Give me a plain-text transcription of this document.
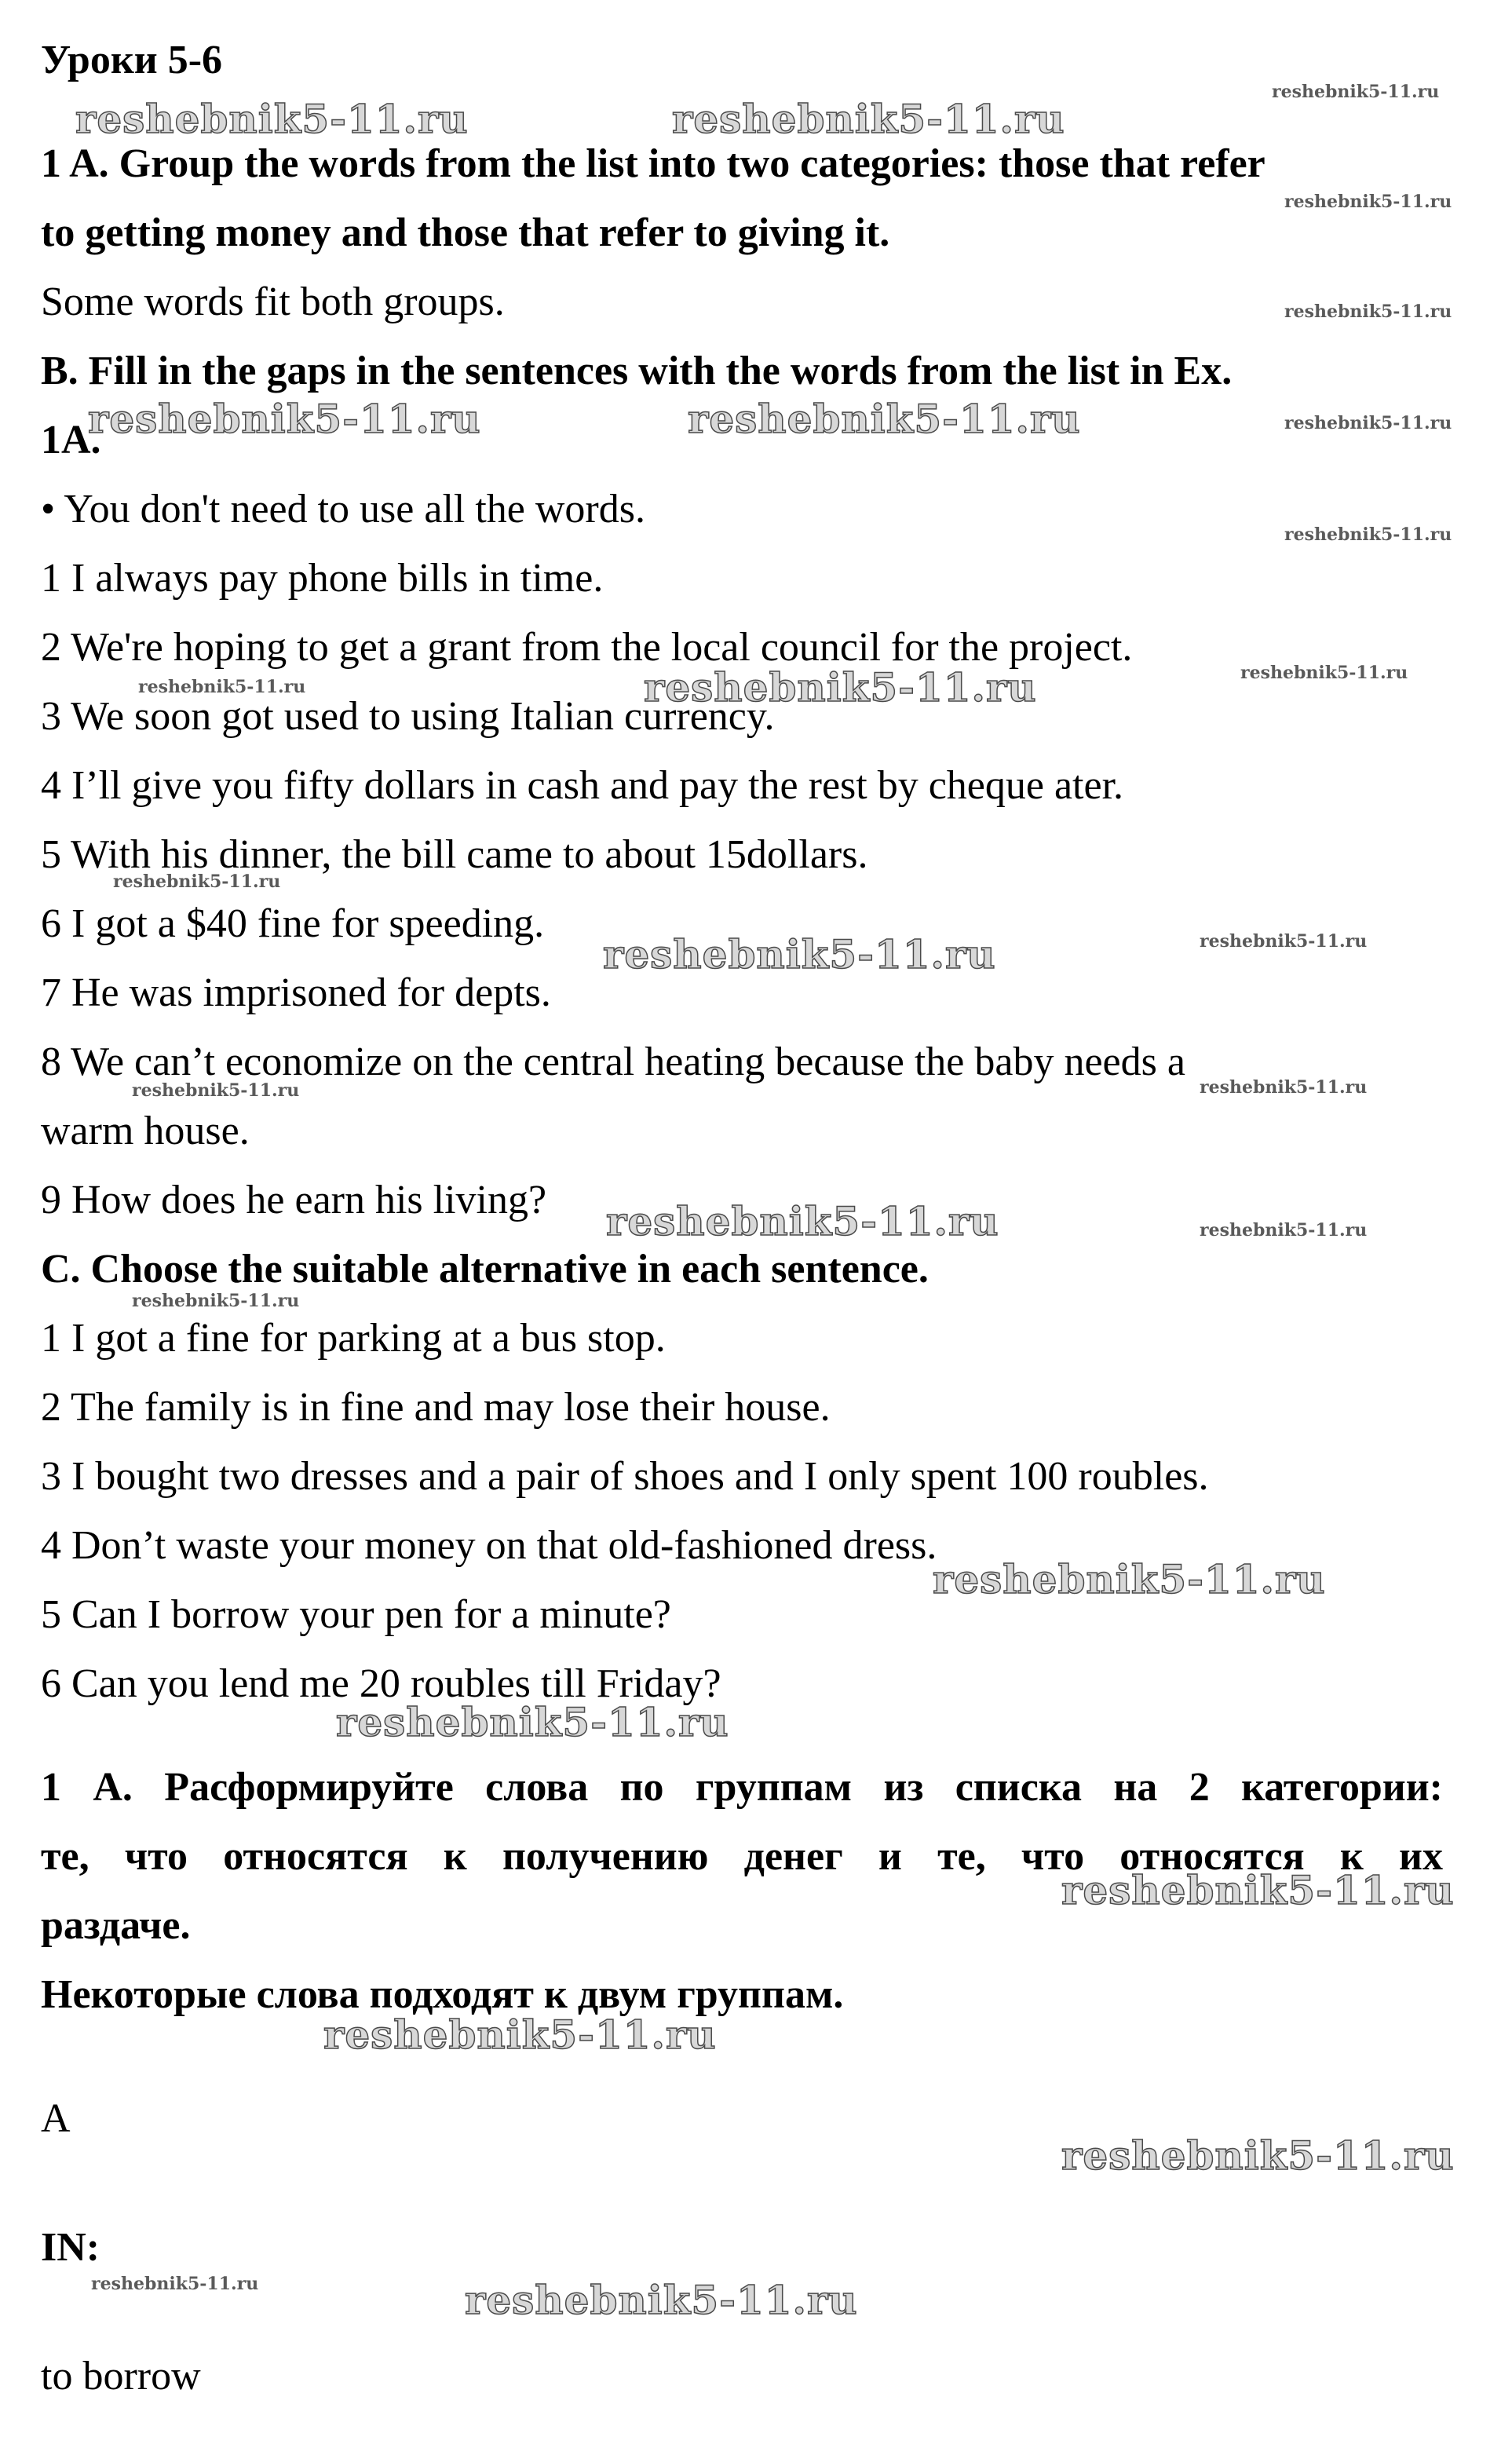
Уроки 5-6
1 A. Group the words from the list into two categories: those that refer
to getting money and those that refer to giving it.
Some words fit both groups.
B. Fill in the gaps in the sentences with the words from the list in Ex.
1A.
• You don't need to use all the words.
1 I always pay phone bills in time.
2 We're hoping to get a grant from the local council for the project.
3 We soon got used to using Italian currency.
4 I’ll give you fifty dollars in cash and pay the rest by cheque ater.
5 With his dinner, the bill came to about 15dollars.
6 I got a $40 fine for speeding.
7 He was imprisoned for depts.
8 We can’t economize on the central heating because the baby needs a
warm house.
9 How does he earn his living?
C. Choose the suitable alternative in each sentence.
1 I got a fine for parking at a bus stop.
2 The family is in fine and may lose their house.
3 I bought two dresses and a pair of shoes and I only spent 100 roubles.
4 Don’t waste your money on that old-fashioned dress.
5 Can I borrow your pen for a minute?
6 Can you lend me 20 roubles till Friday?
1 А. Расформируйте слова по группам из списка на 2 категории:
те, что относятся к получению денег и те, что относятся к их
раздаче.
Некоторые слова подходят к двум группам.
A
IN:
to borrow
reshebnik5-11.ru	reshebnik5-11.ru
reshebnik5-11.ru
reshebnik5-11.ru
reshebnik5-11.ru
reshebnik5-11.ru	reshebnik5-11.ru	reshebnik5-11.ru
reshebnik5-11.ru
reshebnik5-11.ru	reshebnik5-11.ru	reshebnik5-11.ru
reshebnik5-11.ru
reshebnik5-11.ru	reshebnik5-11.ru
reshebnik5-11.ru	reshebnik5-11.ru
reshebnik5-11.ru	reshebnik5-11.ru
reshebnik5-11.ru
reshebnik5-11.ru
reshebnik5-11.ru
reshebnik5-11.ru
reshebnik5-11.ru
reshebnik5-11.ru
reshebnik5-11.ru	reshebnik5-11.ru
